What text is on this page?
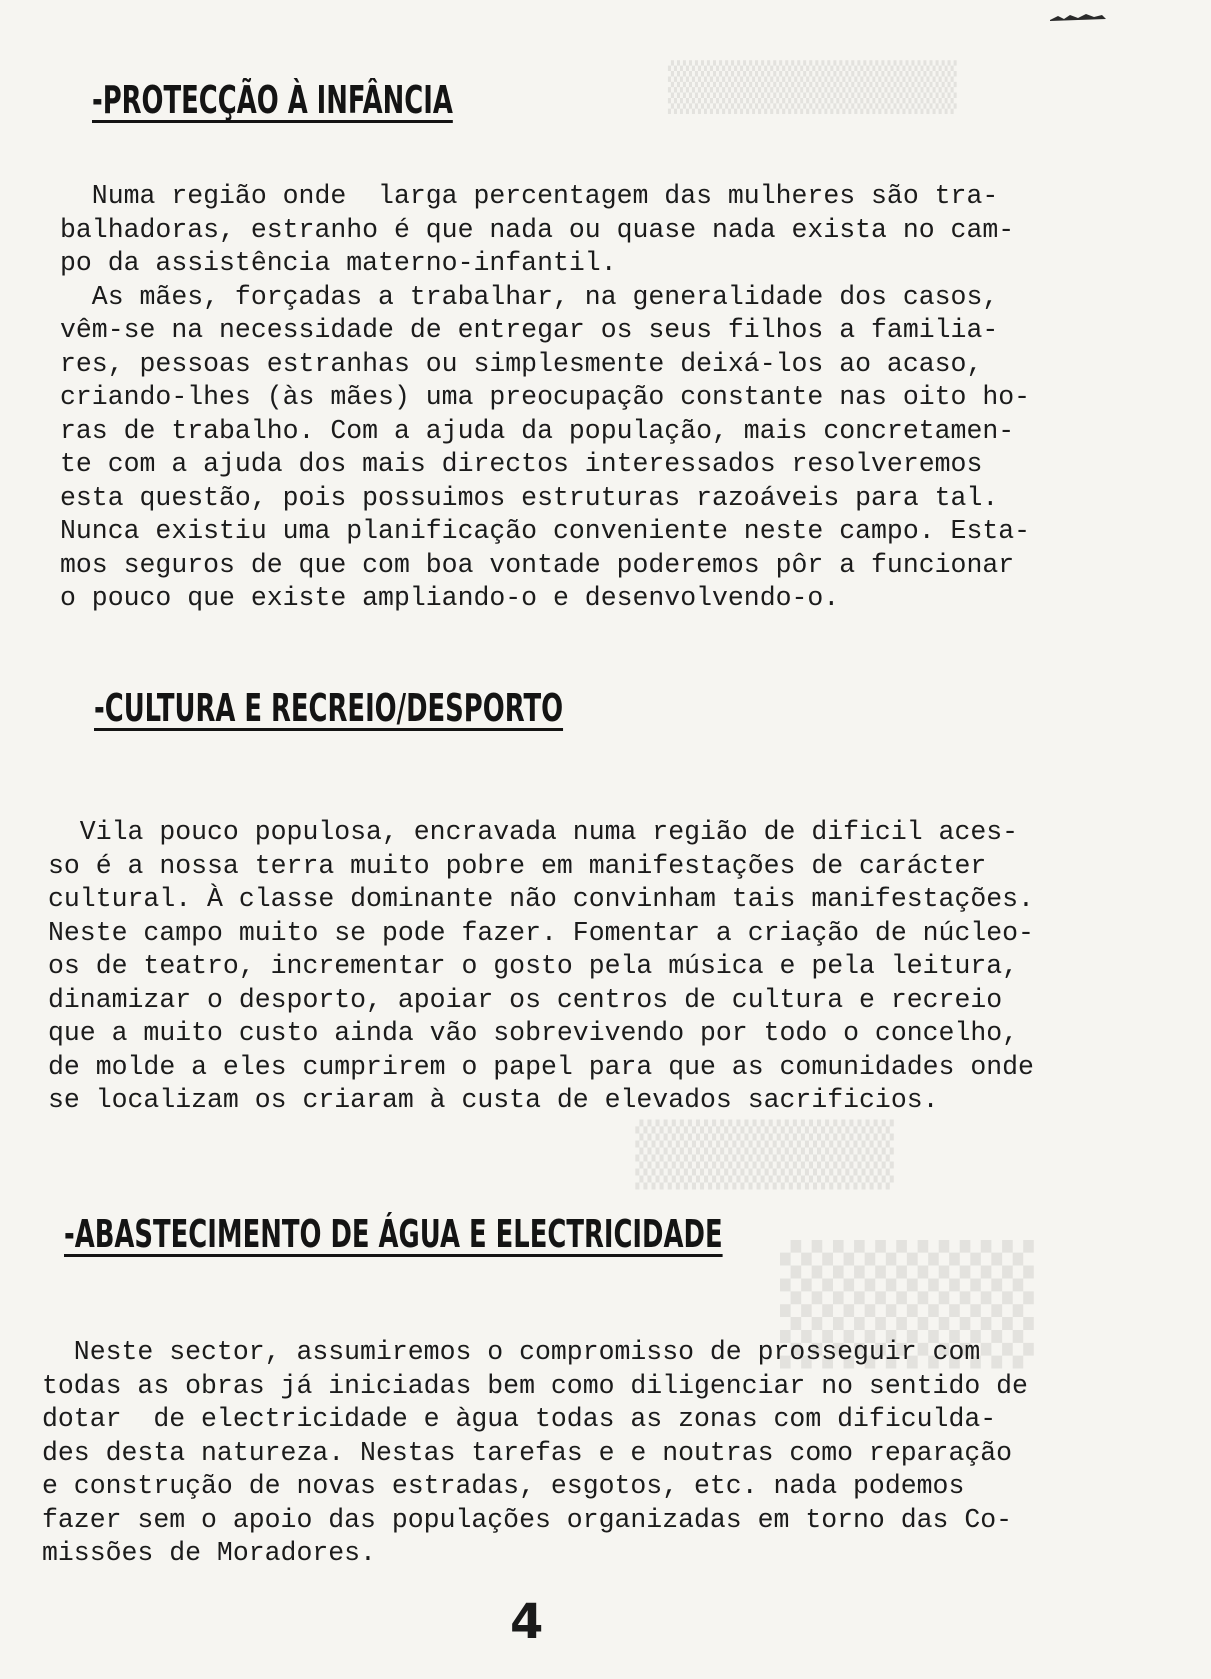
▒▒▒▒▒▒▒▒▒▒▒▒
▒▒▒▒▒▒▒▒
▒▒▒
-PROTECÇÃO À INFÂNCIA

Numa região onde  larga percentagem das mulheres são tra-

balhadoras, estranho é que nada ou quase nada exista no cam-

po da assistência materno-infantil.

As mães, forçadas a trabalhar, na generalidade dos casos,

vêm-se na necessidade de entregar os seus filhos a familia-

res, pessoas estranhas ou simplesmente deixá-los ao acaso,

criando-lhes (às mães) uma preocupação constante nas oito ho-

ras de trabalho. Com a ajuda da população, mais concretamen-

te com a ajuda dos mais directos interessados resolveremos

esta questão, pois possuimos estruturas razoáveis para tal.

Nunca existiu uma planificação conveniente neste campo. Esta-

mos seguros de que com boa vontade poderemos pôr a funcionar

o pouco que existe ampliando-o e desenvolvendo-o.

-CULTURA E RECREIO/DESPORTO

Vila pouco populosa, encravada numa região de dificil aces-

so é a nossa terra muito pobre em manifestações de carácter

cultural. À classe dominante não convinham tais manifestações.

Neste campo muito se pode fazer. Fomentar a criação de núcleo-

os de teatro, incrementar o gosto pela música e pela leitura,

dinamizar o desporto, apoiar os centros de cultura e recreio

que a muito custo ainda vão sobrevivendo por todo o concelho,

de molde a eles cumprirem o papel para que as comunidades onde

se localizam os criaram à custa de elevados sacrificios.

-ABASTECIMENTO DE ÁGUA E ELECTRICIDADE

Neste sector, assumiremos o compromisso de prosseguir com

todas as obras já iniciadas bem como diligenciar no sentido de

dotar  de electricidade e àgua todas as zonas com dificulda-

des desta natureza. Nestas tarefas e e noutras como reparação

e construção de novas estradas, esgotos, etc. nada podemos

fazer sem o apoio das populações organizadas em torno das Co-

missões de Moradores.

4
